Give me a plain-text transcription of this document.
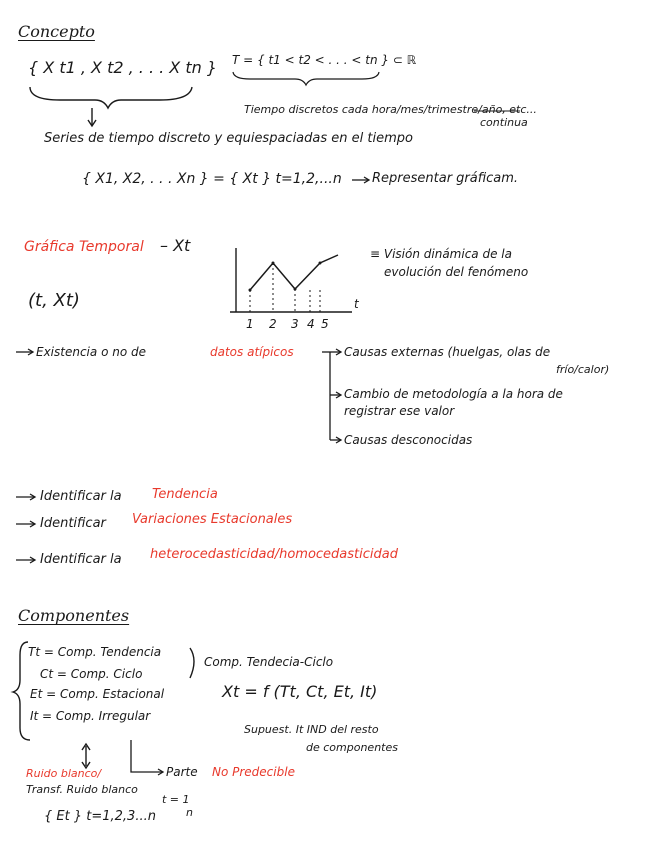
Concepto
{ X t1 , X t2 , . . . X tn } T = { t1 < t2 < . . . < tn } ⊂ ℝ
Tiempo discretos cada hora/mes/trimestre/año, etc...
continua
Series de tiempo discreto y equiespaciadas en el tiempo
{ X1, X2, . . . Xn } = { Xt } t=1,2,...n Representar gráficam.
Gráfica Temporal – Xt
(t, Xt)
≡ Visión dinámica de la
evolución del fenómeno
t
1 2 3 4 5
Existencia o no de	datos atípicos	Causas externas (huelgas, olas de
frío/calor)
Cambio de metodología a la hora de
registrar ese valor
Causas desconocidas
Identificar la Tendencia
Identificar Variaciones Estacionales
Identificar la heterocedasticidad/homocedasticidad
Componentes
Tt = Comp. Tendencia
Ct = Comp. Ciclo
Et = Comp. Estacional
It = Comp. Irregular
Comp. Tendecia-Ciclo
Xt = f (Tt, Ct, Et, It)
Supuest. It IND del resto
de componentes
Ruido blanco/
Transf. Ruido blanco
Parte No Predecible
t = 1
n
{ Et } t=1,2,3...n
